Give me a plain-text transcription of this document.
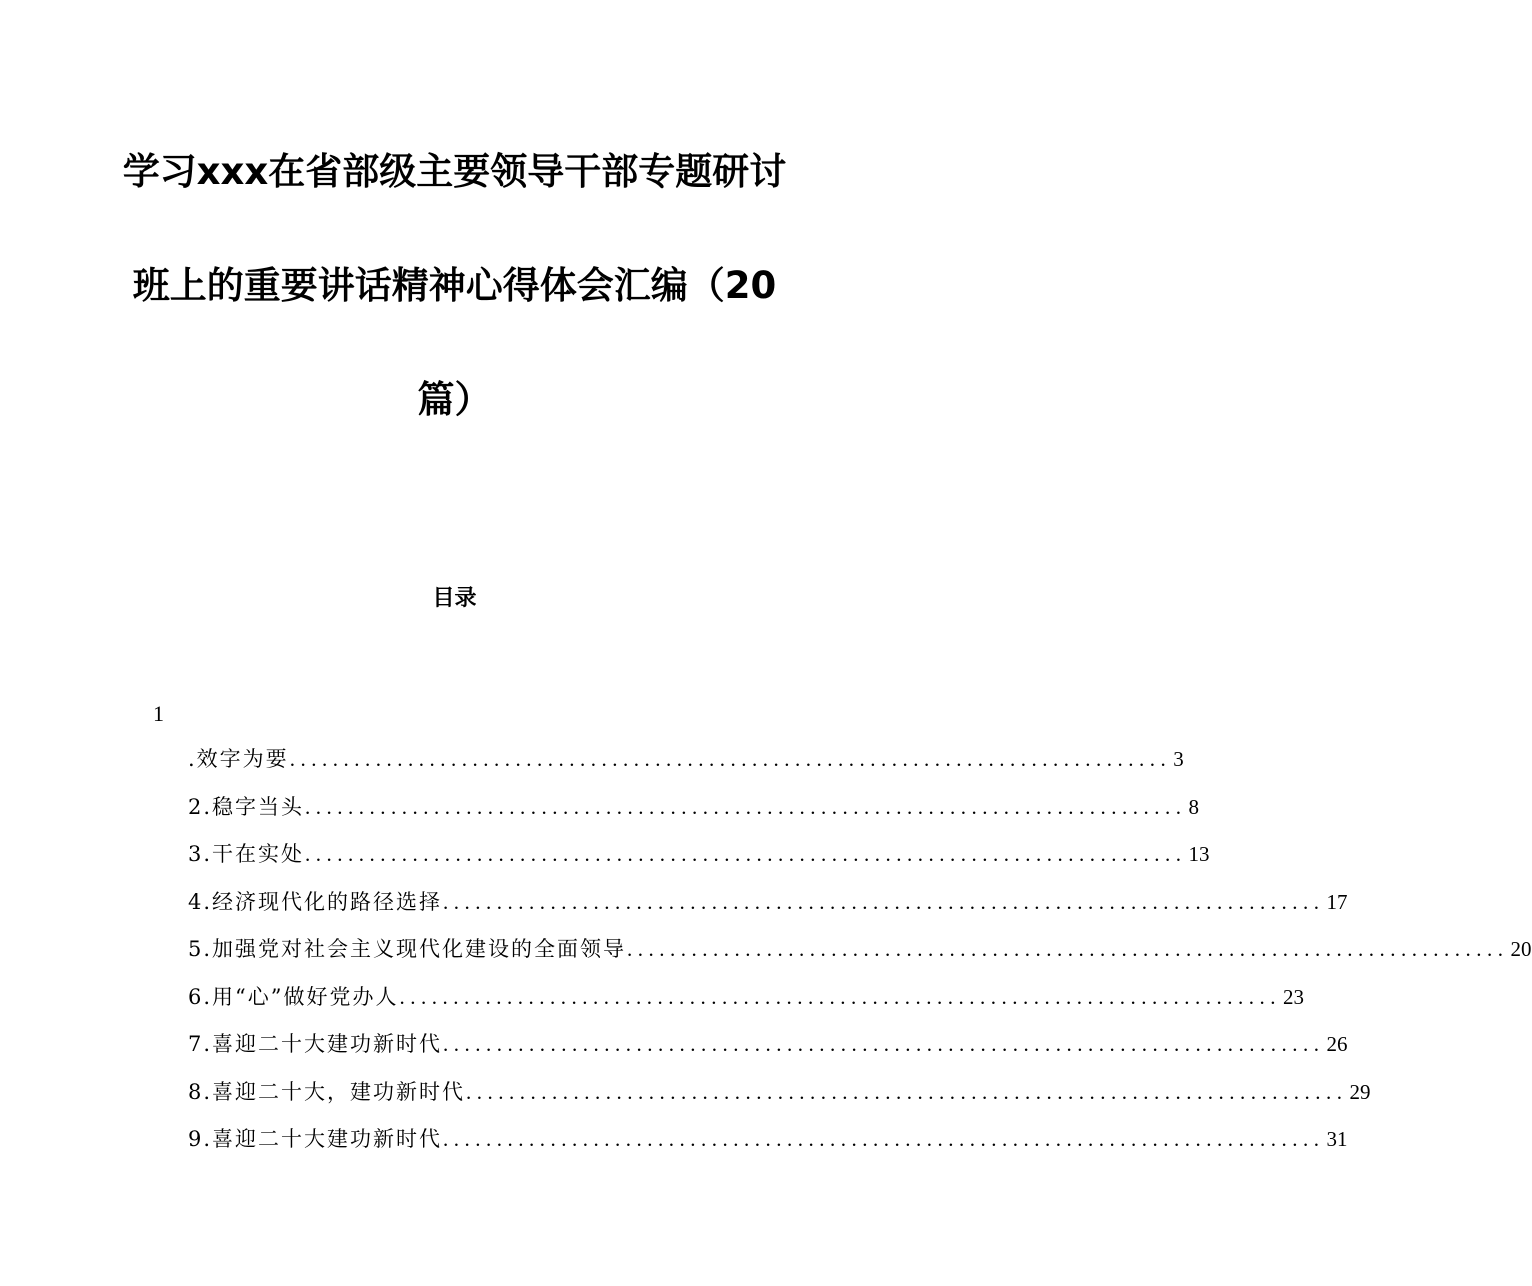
学习xxx在省部级主要领导干部专题研讨
班上的重要讲话精神心得体会汇编（20
篇）
目录
1
.效字为要 .................................................................................. 3
2.稳字当头 .................................................................................. 8
3.干在实处 .................................................................................. 13
4.经济现代化的路径选择 .................................................................................. 17
5.加强党对社会主义现代化建设的全面领导 .................................................................................. 20
6.用“心”做好党办人 .................................................................................. 23
7.喜迎二十大建功新时代 .................................................................................. 26
8.喜迎二十大，建功新时代 .................................................................................. 29
9.喜迎二十大建功新时代 .................................................................................. 31
